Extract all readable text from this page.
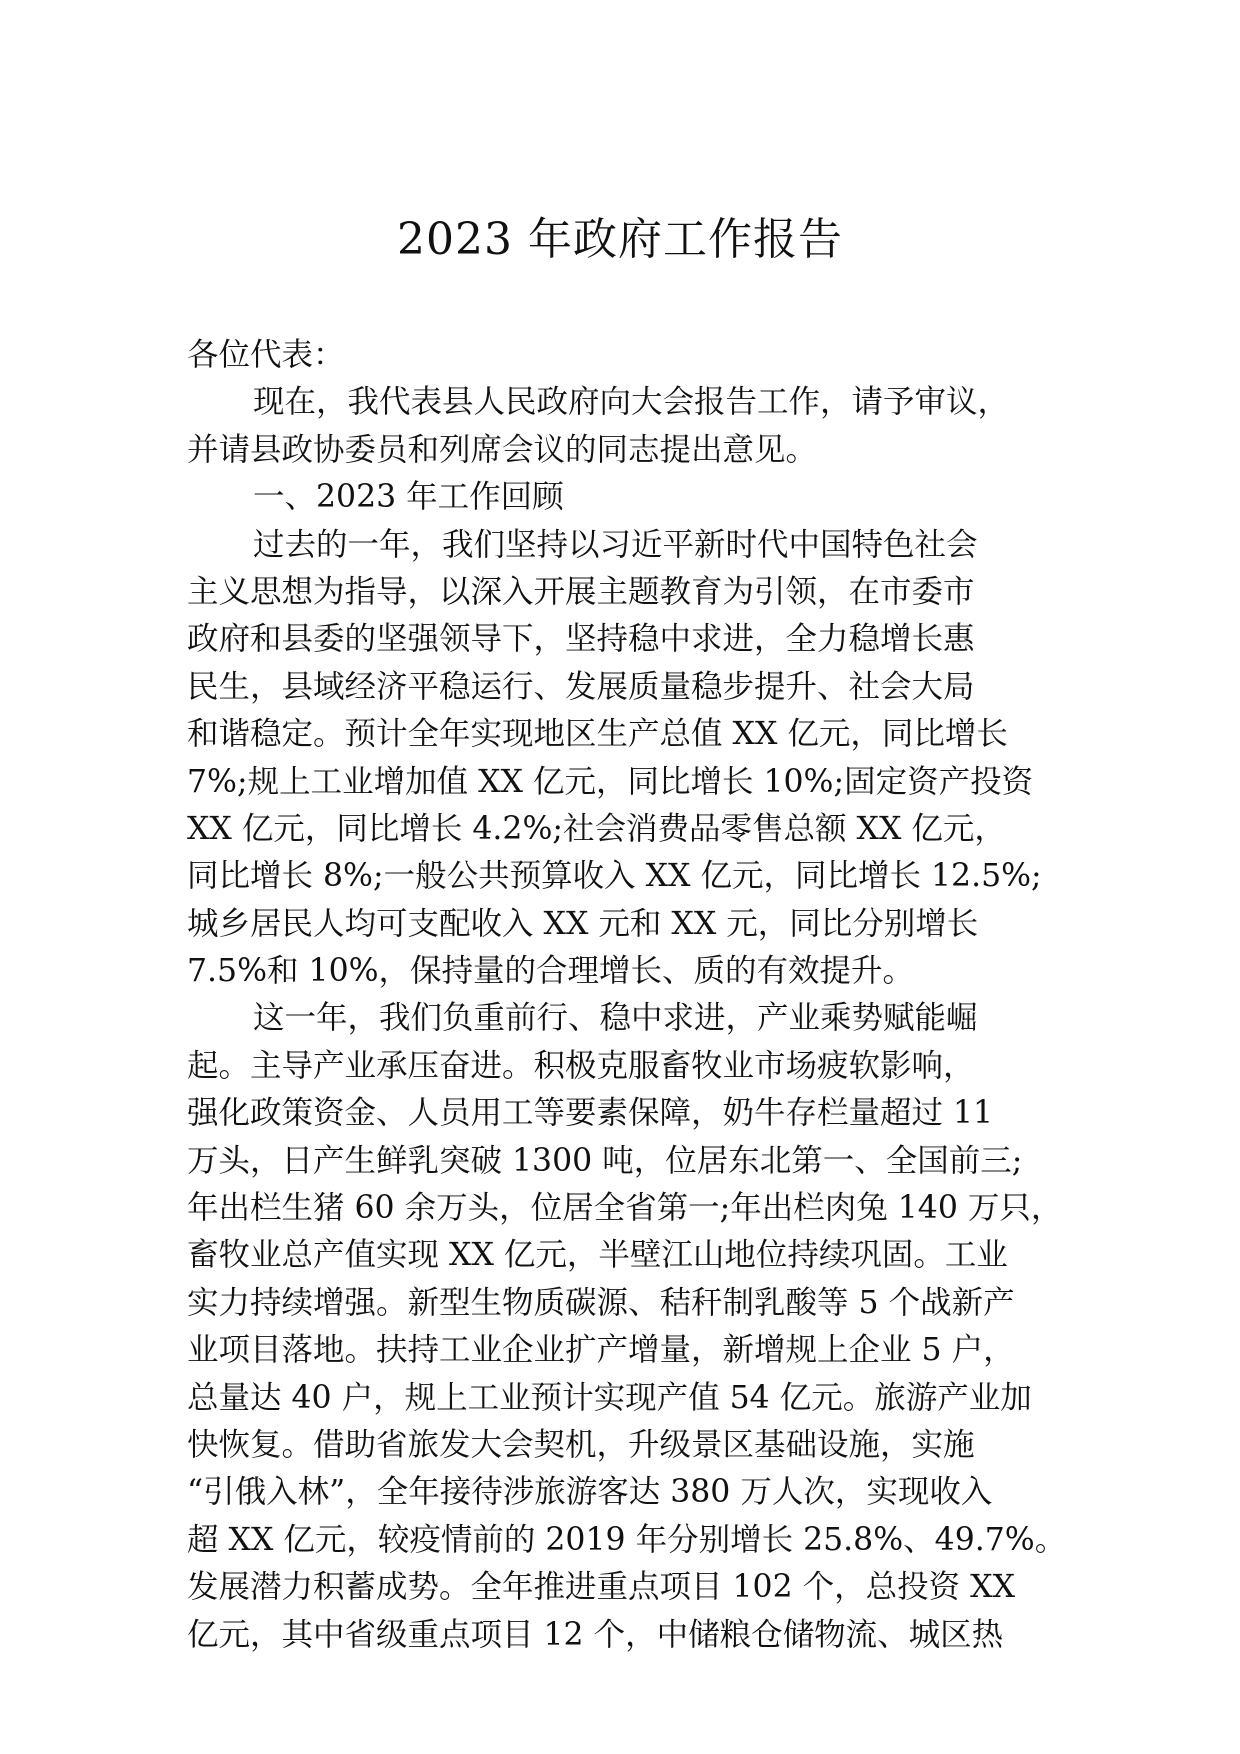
2023 年政府工作报告
各位代表：
现在，我代表县人民政府向大会报告工作，请予审议，
并请县政协委员和列席会议的同志提出意见。
一、2023 年工作回顾
过去的一年，我们坚持以习近平新时代中国特色社会
主义思想为指导，以深入开展主题教育为引领，在市委市
政府和县委的坚强领导下，坚持稳中求进，全力稳增长惠
民生，县域经济平稳运行、发展质量稳步提升、社会大局
和谐稳定。预计全年实现地区生产总值 XX 亿元，同比增长
7%;规上工业增加值 XX 亿元，同比增长 10%;固定资产投资
XX 亿元，同比增长 4.2%;社会消费品零售总额 XX 亿元，
同比增长 8%;一般公共预算收入 XX 亿元，同比增长 12.5%;
城乡居民人均可支配收入 XX 元和 XX 元，同比分别增长
7.5%和 10%，保持量的合理增长、质的有效提升。
这一年，我们负重前行、稳中求进，产业乘势赋能崛
起。主导产业承压奋进。积极克服畜牧业市场疲软影响，
强化政策资金、人员用工等要素保障，奶牛存栏量超过 11
万头，日产生鲜乳突破 1300 吨，位居东北第一、全国前三;
年出栏生猪 60 余万头，位居全省第一;年出栏肉兔 140 万只，
畜牧业总产值实现 XX 亿元，半壁江山地位持续巩固。工业
实力持续增强。新型生物质碳源、秸秆制乳酸等 5 个战新产
业项目落地。扶持工业企业扩产增量，新增规上企业 5 户，
总量达 40 户，规上工业预计实现产值 54 亿元。旅游产业加
快恢复。借助省旅发大会契机，升级景区基础设施，实施
“引俄入林”，全年接待涉旅游客达 380 万人次，实现收入
超 XX 亿元，较疫情前的 2019 年分别增长 25.8%、49.7%。
发展潜力积蓄成势。全年推进重点项目 102 个，总投资 XX
亿元，其中省级重点项目 12 个，中储粮仓储物流、城区热
